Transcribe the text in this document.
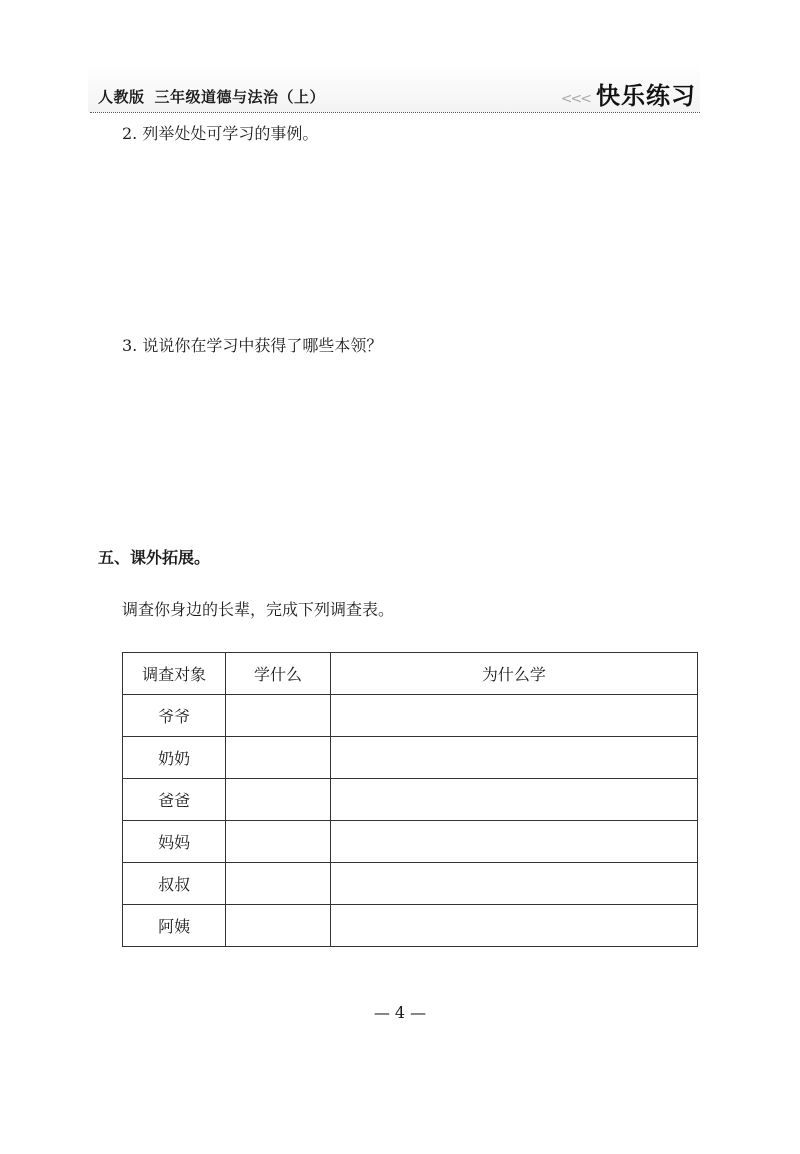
人教版 三年级道德与法治（上）	<<< 快乐练习
2. 列举处处可学习的事例。
3. 说说你在学习中获得了哪些本领？
五、课外拓展。
调查你身边的长辈，完成下列调查表。
调查对象	学什么	为什么学
爷爷		
奶奶		
爸爸		
妈妈		
叔叔		
阿姨		
— 4 —
